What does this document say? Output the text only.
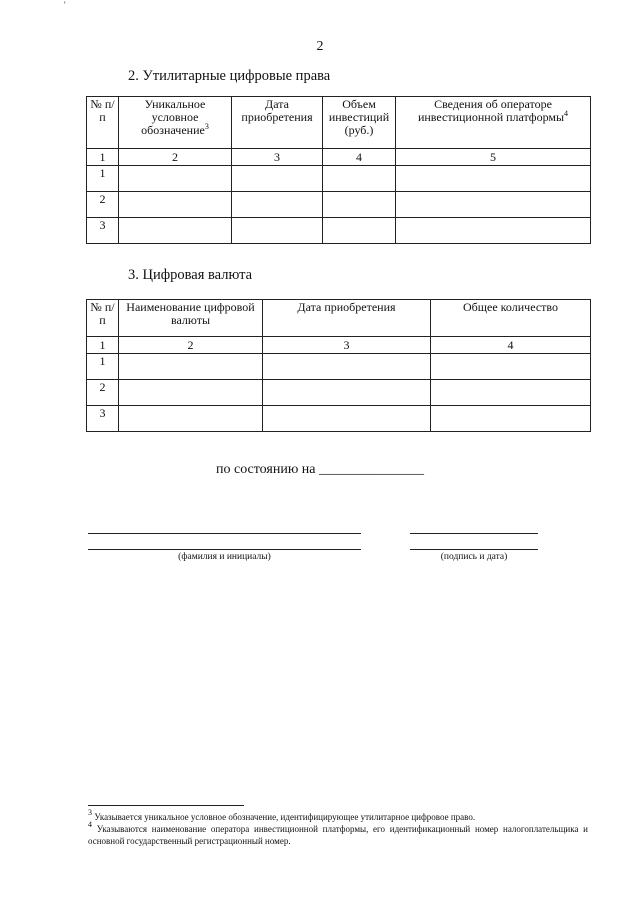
'
2
2. Утилитарные цифровые права
№ п/п	Уникальное условное обозначение$^3$	Дата приобретения	Объем инвестиций (руб.)	Сведения об операторе инвестиционной платформы$^4$
1	2	3	4	5
1				
2				
3				
3. Цифровая валюта
№ п/п	Наименование цифровой валюты	Дата приобретения	Общее количество
1	2	3	4
1			
2			
3			
по состоянию на _______________
(фамилия и инициалы)	(подпись и дата)
$^3$ Указывается уникальное условное обозначение, идентифицирующее утилитарное цифровое право.
$^4$ Указываются наименование оператора инвестиционной платформы, его идентификационный номер налогоплательщика и основной государственный регистрационный номер.
